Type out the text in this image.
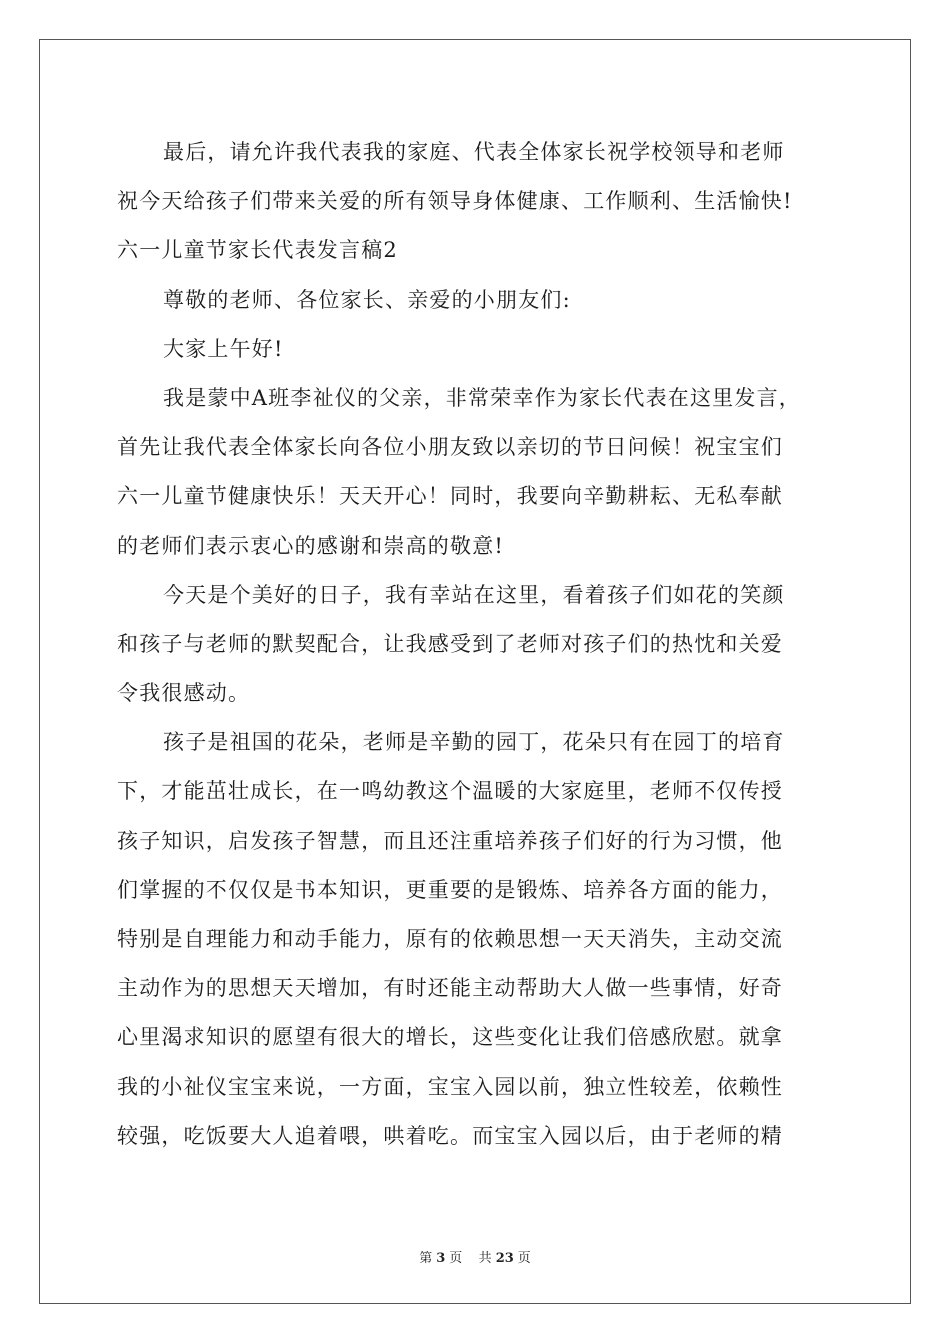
最后，请允许我代表我的家庭、代表全体家长祝学校领导和老师
祝今天给孩子们带来关爱的所有领导身体健康、工作顺利、生活愉快!
六一儿童节家长代表发言稿2
尊敬的老师、各位家长、亲爱的小朋友们:
大家上午好!
我是蒙中A班李祉仪的父亲，非常荣幸作为家长代表在这里发言，
首先让我代表全体家长向各位小朋友致以亲切的节日问候！祝宝宝们
六一儿童节健康快乐！天天开心！同时，我要向辛勤耕耘、无私奉献
的老师们表示衷心的感谢和崇高的敬意!
今天是个美好的日子，我有幸站在这里，看着孩子们如花的笑颜
和孩子与老师的默契配合，让我感受到了老师对孩子们的热忱和关爱
令我很感动。
孩子是祖国的花朵，老师是辛勤的园丁，花朵只有在园丁的培育
下，才能茁壮成长，在一鸣幼教这个温暖的大家庭里，老师不仅传授
孩子知识，启发孩子智慧，而且还注重培养孩子们好的行为习惯，他
们掌握的不仅仅是书本知识，更重要的是锻炼、培养各方面的能力，
特别是自理能力和动手能力，原有的依赖思想一天天消失，主动交流
主动作为的思想天天增加，有时还能主动帮助大人做一些事情，好奇
心里渴求知识的愿望有很大的增长，这些变化让我们倍感欣慰。就拿
我的小祉仪宝宝来说，一方面，宝宝入园以前，独立性较差，依赖性
较强，吃饭要大人追着喂，哄着吃。而宝宝入园以后，由于老师的精
第 3 页 共 23 页
